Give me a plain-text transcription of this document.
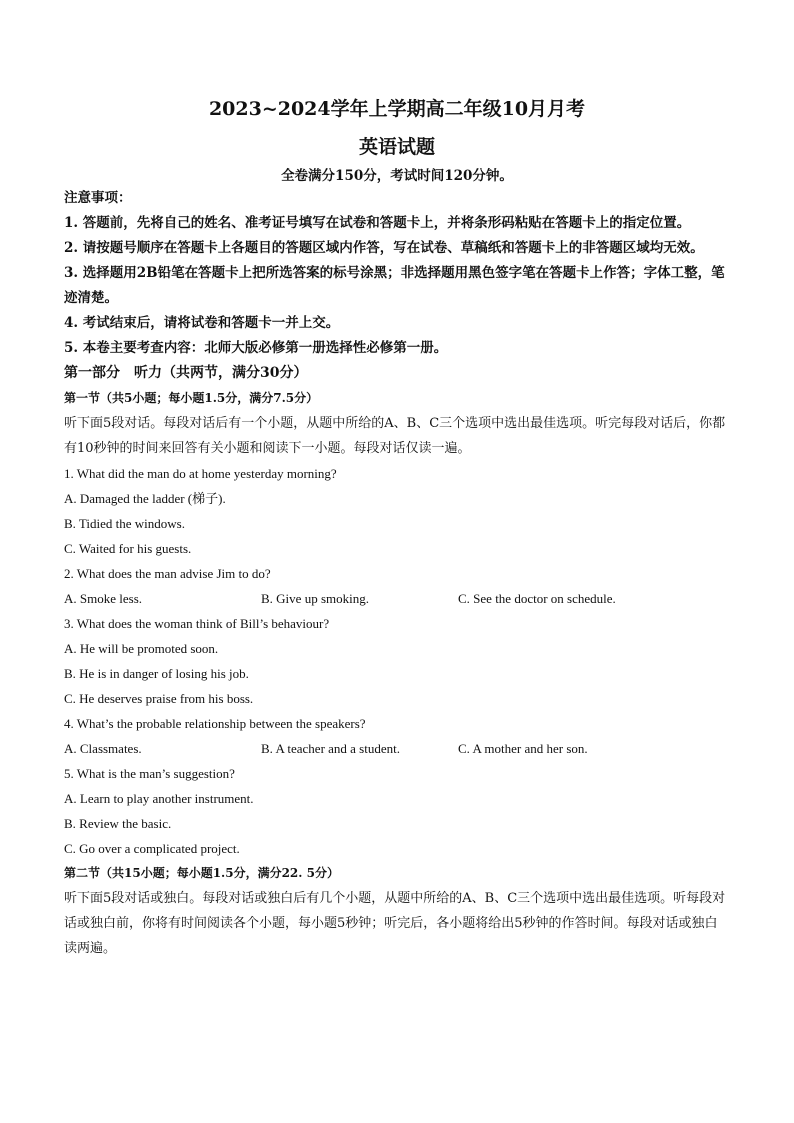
2023~2024学年上学期高二年级10月月考
英语试题
全卷满分150分，考试时间120分钟。
注意事项：
1. 答题前，先将自己的姓名、准考证号填写在试卷和答题卡上，并将条形码粘贴在答题卡上的指定位置。
2. 请按题号顺序在答题卡上各题目的答题区域内作答，写在试卷、草稿纸和答题卡上的非答题区域均无效。
3. 选择题用2B铅笔在答题卡上把所选答案的标号涂黑；非选择题用黑色签字笔在答题卡上作答；字体工整，笔迹清楚。
4. 考试结束后，请将试卷和答题卡一并上交。
5. 本卷主要考查内容：北师大版必修第一册选择性必修第一册。
第一部分　听力（共两节，满分30分）
第一节（共5小题；每小题1.5分，满分7.5分）
听下面5段对话。每段对话后有一个小题，从题中所给的A、B、C三个选项中选出最佳选项。听完每段对话后，你都有10秒钟的时间来回答有关小题和阅读下一小题。每段对话仅读一遍。
1. What did the man do at home yesterday morning?
A. Damaged the ladder (梯子).
B. Tidied the windows.
C. Waited for his guests.
2. What does the man advise Jim to do?
A. Smoke less.	B. Give up smoking.	C. See the doctor on schedule.
3. What does the woman think of Bill’s behaviour?
A. He will be promoted soon.
B. He is in danger of losing his job.
C. He deserves praise from his boss.
4. What’s the probable relationship between the speakers?
A. Classmates.	B. A teacher and a student.	C. A mother and her son.
5. What is the man’s suggestion?
A. Learn to play another instrument.
B. Review the basic.
C. Go over a complicated project.
第二节（共15小题；每小题1.5分，满分22. 5分）
听下面5段对话或独白。每段对话或独白后有几个小题，从题中所给的A、B、C三个选项中选出最佳选项。听每段对话或独白前，你将有时间阅读各个小题，每小题5秒钟；听完后，各小题将给出5秒钟的作答时间。每段对话或独白读两遍。
